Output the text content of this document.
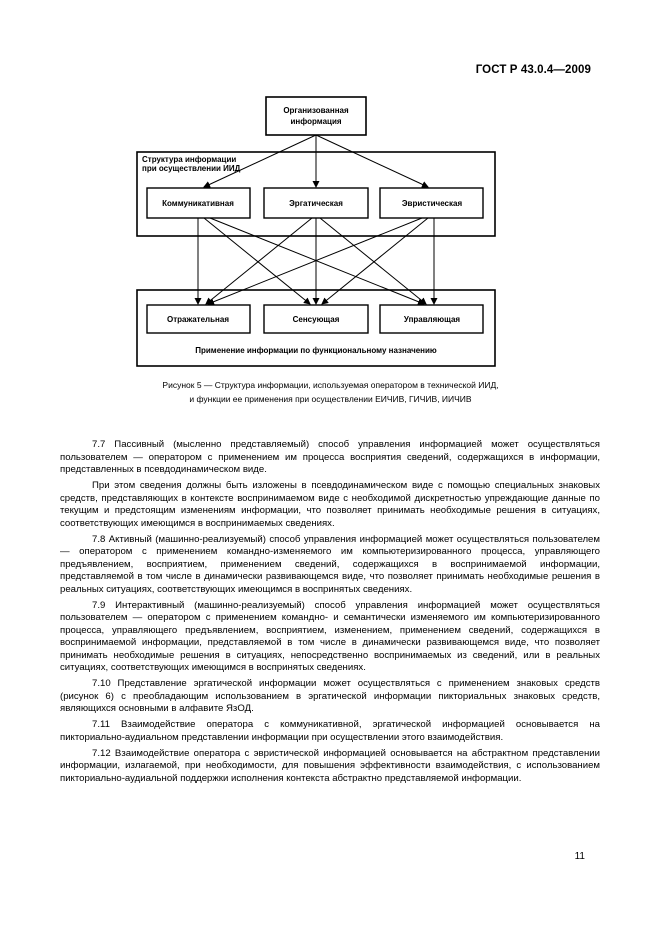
ГОСТ Р 43.0.4—2009
Организованная
информация
Структура информации
при осуществлении ИИД
Коммуникативная	Эргатическая	Эвристическая
Отражательная	Сенсующая	Управляющая
Применение информации по функциональному назначению
Рисунок 5 — Структура информации, используемая оператором в технической ИИД,
и функции ее применения при осуществлении ЕИЧИВ, ГИЧИВ, ИИЧИВ

7.7 Пассивный (мысленно представляемый) способ управления информацией может осуществляться пользователем — оператором с применением им процесса восприятия сведений, содержащихся в информации, представленных в псевдодинамическом виде.

При этом сведения должны быть изложены в псевдодинамическом виде с помощью специальных знаковых средств, представляющих в контексте воспринимаемом виде с необходимой дискретностью упреждающие данные по текущим и предстоящим изменениям информации, что позволяет принимать необходимые решения в ситуациях, соответствующих имеющимся в воспринимаемых сведениях.

7.8 Активный (машинно-реализуемый) способ управления информацией может осуществляться пользователем — оператором с применением командно-изменяемого им компьютеризированного процесса, управляющего предъявлением, восприятием, применением сведений, содержащихся в воспринимаемой информации, представляемой в том числе в динамически развивающемся виде, что позволяет принимать необходимые решения в реальных ситуациях, соответствующих имеющимся в воспринятых сведениях.

7.9 Интерактивный (машинно-реализуемый) способ управления информацией может осуществляться пользователем — оператором с применением командно- и семантически изменяемого им компьютеризированного процесса, управляющего предъявлением, восприятием, изменением, применением сведений, содержащихся в воспринимаемой информации, представляемой в том числе в динамически развивающемся виде, что позволяет принимать необходимые решения в ситуациях, непосредственно воспринимаемых из сведений, или в реальных ситуациях, соответствующих имеющимся в воспринятых сведениях.

7.10 Представление эргатической информации может осуществляться с применением знаковых средств (рисунок 6) с преобладающим использованием в эргатической информации пикториальных знаковых средств, являющихся основными в алфавите ЯзОД.

7.11 Взаимодействие оператора с коммуникативной, эргатической информацией основывается на пикториально-аудиальном представлении информации при осуществлении этого взаимодействия.

7.12 Взаимодействие оператора с эвристической информацией основывается на абстрактном представлении информации, излагаемой, при необходимости, для повышения эффективности взаимодействия, с использованием пикториально-аудиальной поддержки исполнения контекста абстрактно представляемой информации.

11
